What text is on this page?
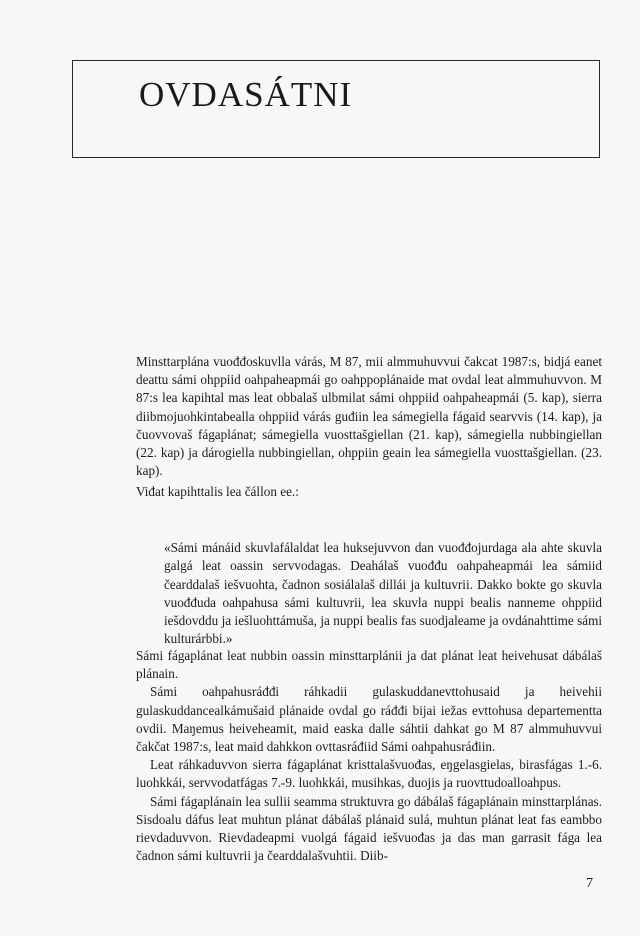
OVDASÁTNI

Minsttarplána vuođđoskuvlla várás, M 87, mii almmuhuvvui čakcat 1987:s, bidjá eanet deattu sámi ohppiid oahpaheapmái go oahppoplánaide mat ovdal leat almmuhuvvon. M 87:s lea kapihtal mas leat obbalaš ulbmilat sámi ohppiid oahpaheapmái (5. kap), sierra diibmojuohkintabealla ohppiid várás guđiin lea sámegiella fágaid searvvis (14. kap), ja čuovvovaš fágaplánat; sámegiella vuosttašgiellan (21. kap), sámegiella nubbingiellan (22. kap) ja dárogiella nubbingiellan, ohppiin geain lea sámegiella vuosttašgiellan. (23. kap).

Viđat kapihttalis lea čállon ee.:

«Sámi mánáid skuvlafálaldat lea huksejuvvon dan vuođđojurdaga ala ahte skuvla galgá leat oassin servvodagas. Deahálaš vuođđu oahpaheapmái lea sámiid čearddalaš iešvuohta, čadnon sosiálalaš dillái ja kultuvrii. Dakko bokte go skuvla vuođđuda oahpahusa sámi kultuvrii, lea skuvla nuppi bealis nanneme ohppiid iešdovddu ja iešluohttámuša, ja nuppi bealis fas suodjaleame ja ovdánahttime sámi kulturárbbi.»

Sámi fágaplánat leat nubbin oassin minsttarplánii ja dat plánat leat heivehusat dábálaš plánain.

Sámi oahpahusráđđi ráhkadii gulaskuddanevttohusaid ja heivehii gulaskuddancealkámušaid plánaide ovdal go ráđđi bijai iežas evttohusa departementta ovdii. Maŋemus heiveheamit, maid easka dalle sáhtii dahkat go M 87 almmuhuvvui čakčat 1987:s, leat maid dahkkon ovttasráđiid Sámi oahpahusráđiin.

Leat ráhkaduvvon sierra fágaplánat kristtalašvuođas, eŋgelasgielas, birasfágas 1.-6. luohkkái, servvodatfágas 7.-9. luohkkái, musihkas, duojis ja ruovttudoalloahpus.

Sámi fágaplánain lea sullii seamma struktuvra go dábálaš fágaplánain minsttarplánas. Sisdoalu dáfus leat muhtun plánat dábálaš plánaid sulá, muhtun plánat leat fas eambbo rievdaduvvon. Rievdadeapmi vuolgá fágaid iešvuođas ja das man garrasit fága lea čadnon sámi kultuvrii ja čearddalašvuhtii. Diib-

7
